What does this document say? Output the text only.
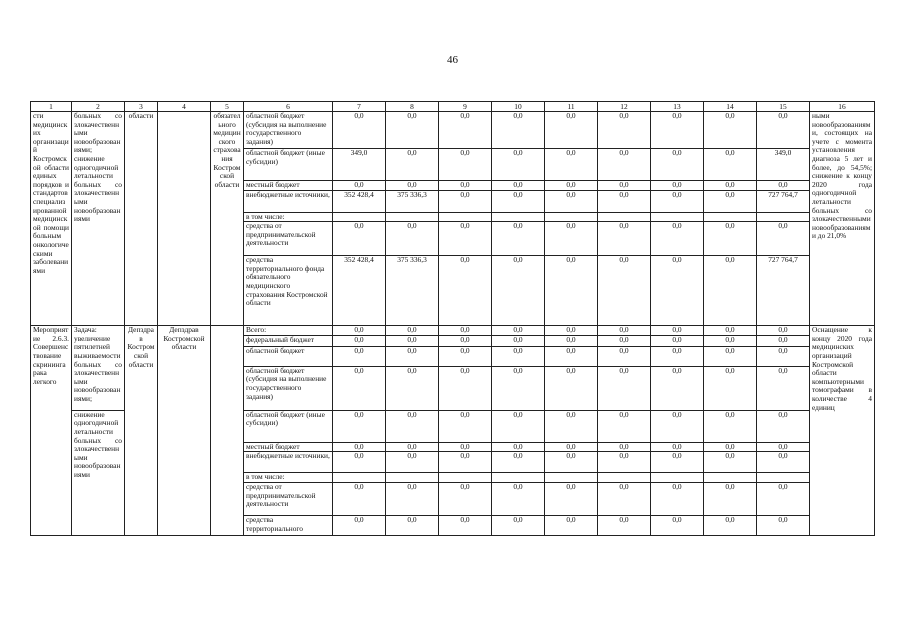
46
1	2	3	4	5	6	7	8	9	10	11	12	13	14	15	16
сти медицинских организаций Костромской области единых порядков и стандартов специализированной медицинской помощи больным онкологическими заболеваниями	больных со злокачественными новообразованиями; снижение одногодичной летальности больных со злокачественными новообразованиями	области		обязательного медицинского страхования Костромской области	областной бюджет (субсидия на выполнение государственного задания)	0,0	0,0	0,0	0,0	0,0	0,0	0,0	0,0	0,0	ными новообразованиями, состоящих на учете с момента установления диагноза 5 лет и более, до 54,5%; снижение к концу 2020 года одногодичной летальности больных со злокачественными новообразованиями до 21,0%
					областной бюджет (иные субсидии)	349,0	0,0	0,0	0,0	0,0	0,0	0,0	0,0	349,0	
					местный бюджет	0,0	0,0	0,0	0,0	0,0	0,0	0,0	0,0	0,0	
					внебюджетные источники,	352 428,4	375 336,3	0,0	0,0	0,0	0,0	0,0	0,0	727 764,7	
					в том числе:										
					средства от предпринимательской деятельности	0,0	0,0	0,0	0,0	0,0	0,0	0,0	0,0	0,0	
					средства территориального фонда обязательного медицинского страхования Костромской области	352 428,4	375 336,3	0,0	0,0	0,0	0,0	0,0	0,0	727 764,7	
Мероприятие 2.6.3. Совершенствование скрининга рака легкого	Задача: увеличение пятилетней выживаемости больных со злокачественными новообразованиями;	Депздрав Костромской области	Депздрав Костромской области		Всего:	0,0	0,0	0,0	0,0	0,0	0,0	0,0	0,0	0,0	Оснащение к концу 2020 года медицинских организаций Костромской области компьютерными томографами в количестве 4 единиц
					федеральный бюджет	0,0	0,0	0,0	0,0	0,0	0,0	0,0	0,0	0,0	
					областной бюджет	0,0	0,0	0,0	0,0	0,0	0,0	0,0	0,0	0,0	
					областной бюджет (субсидия на выполнение государственного задания)	0,0	0,0	0,0	0,0	0,0	0,0	0,0	0,0	0,0	
	снижение одногодичной летальности больных со злокачественными новообразованиями				областной бюджет (иные субсидии)	0,0	0,0	0,0	0,0	0,0	0,0	0,0	0,0	0,0	
					местный бюджет	0,0	0,0	0,0	0,0	0,0	0,0	0,0	0,0	0,0	
					внебюджетные источники,	0,0	0,0	0,0	0,0	0,0	0,0	0,0	0,0	0,0	
					в том числе:										
					средства от предпринимательской деятельности	0,0	0,0	0,0	0,0	0,0	0,0	0,0	0,0	0,0	
					средства территориального	0,0	0,0	0,0	0,0	0,0	0,0	0,0	0,0	0,0	
